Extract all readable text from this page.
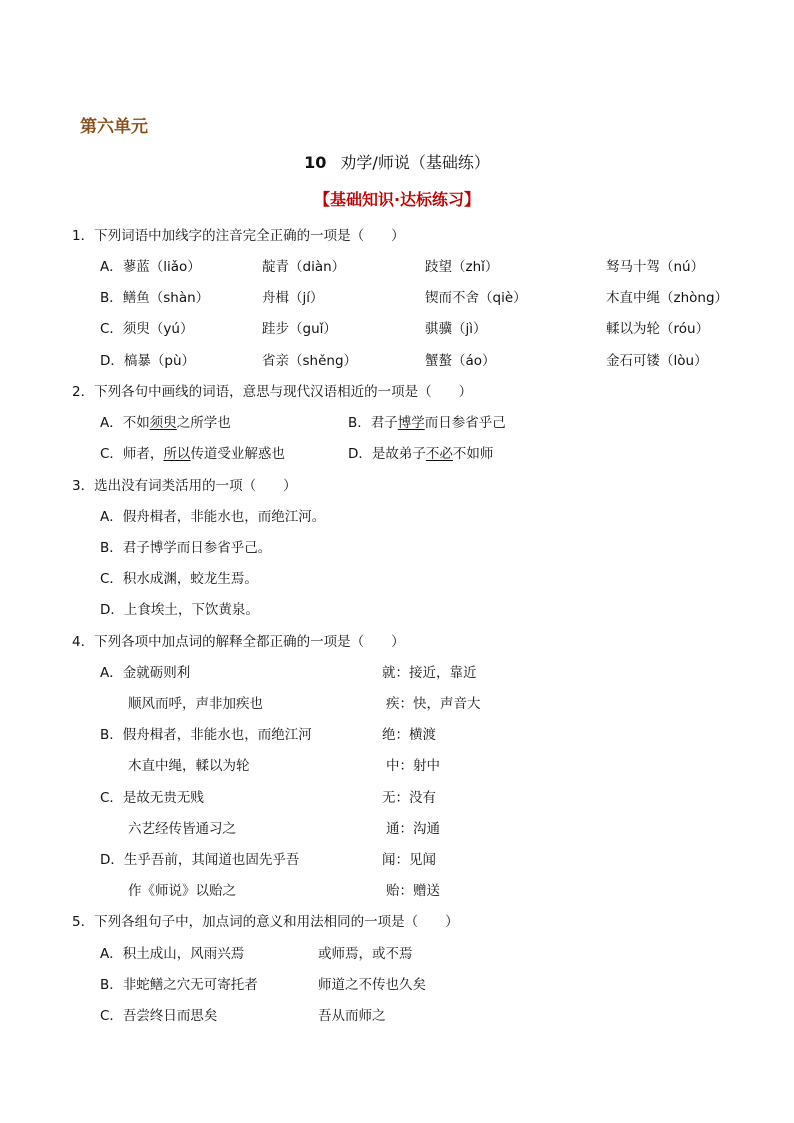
第六单元
10 劝学/师说（基础练）
【基础知识·达标练习】
1．下列词语中加线字的注音完全正确的一项是（　　）
A．蓼蓝（liǎo）	靛青（diàn）	跂望（zhǐ）	驽马十驾（nú）
B．鳝鱼（shàn）	舟楫（jí）	锲而不舍（qiè）	木直中绳（zhòng）
C．须臾（yú）	跬步（guǐ）	骐骥（jì）	輮以为轮（róu）
D．槁暴（pù）	省亲（shěng）	蟹螯（áo）	金石可镂（lòu）
2．下列各句中画线的词语，意思与现代汉语相近的一项是（　　）
A．不如须臾之所学也	B．君子博学而日参省乎己
C．师者，所以传道受业解惑也	D．是故弟子不必不如师
3．选出没有词类活用的一项（　　）
A．假舟楫者，非能水也，而绝江河。
B．君子博学而日参省乎己。
C．积水成渊，蛟龙生焉。
D．上食埃土，下饮黄泉。
4．下列各项中加点词的解释全都正确的一项是（　　）
A．金就砺则利	就：接近，靠近
顺风而呼，声非加疾也	疾：快，声音大
B．假舟楫者，非能水也，而绝江河	绝：横渡
木直中绳，輮以为轮	中：射中
C．是故无贵无贱	无：没有
六艺经传皆通习之	通：沟通
D．生乎吾前，其闻道也固先乎吾	闻：见闻
作《师说》以贻之	贻：赠送
5．下列各组句子中，加点词的意义和用法相同的一项是（　　）
A．积土成山，风雨兴焉	或师焉，或不焉
B．非蛇鳝之穴无可寄托者	师道之不传也久矣
C．吾尝终日而思矣	吾从而师之
